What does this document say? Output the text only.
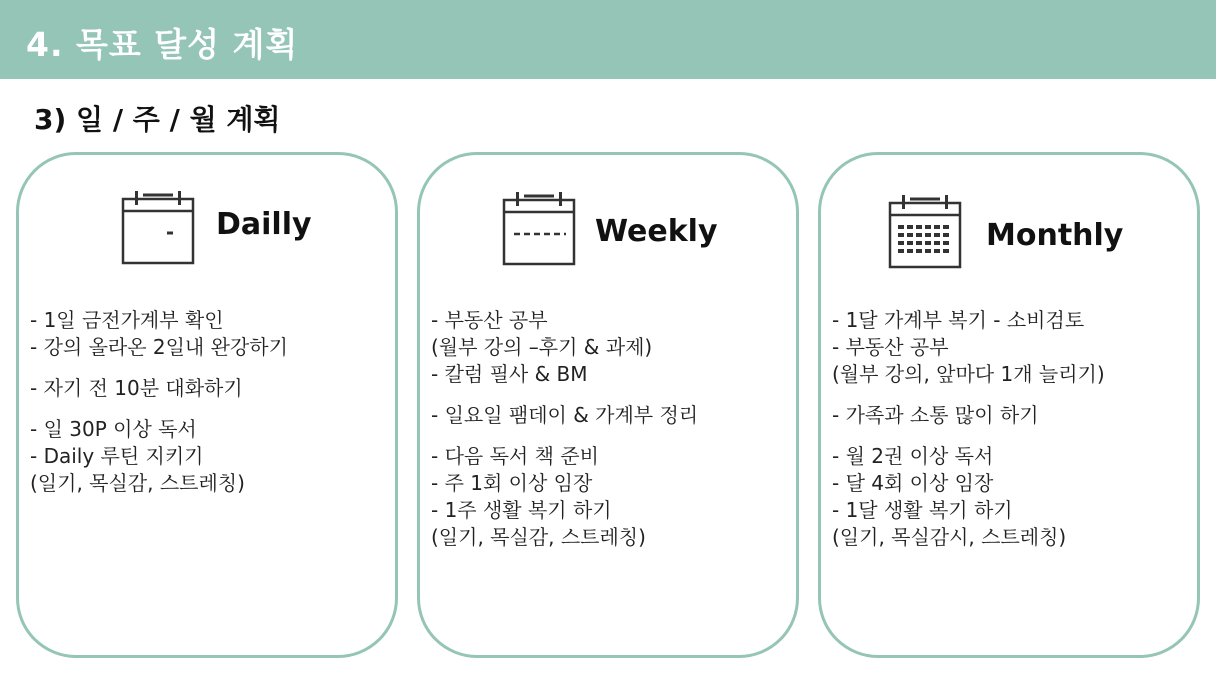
4. 목표 달성 계획
3) 일 / 주 / 월 계획
Dailly
- 1일 금전가계부 확인
- 강의 올라온 2일내 완강하기
- 자기 전 10분 대화하기
- 일 30P 이상 독서
- Daily 루틴 지키기
(일기, 목실감, 스트레칭)
Weekly
- 부동산 공부
(월부 강의 –후기 & 과제)
- 칼럼 필사 & BM
- 일요일 팸데이 & 가계부 정리
- 다음 독서 책 준비
- 주 1회 이상 임장
- 1주 생활 복기 하기
(일기, 목실감, 스트레칭)
Monthly
- 1달 가계부 복기 - 소비검토
- 부동산 공부
(월부 강의, 앞마다 1개 늘리기)
- 가족과 소통 많이 하기
- 월 2권 이상 독서
- 달 4회 이상 임장
- 1달 생활 복기 하기
(일기, 목실감시, 스트레칭)
